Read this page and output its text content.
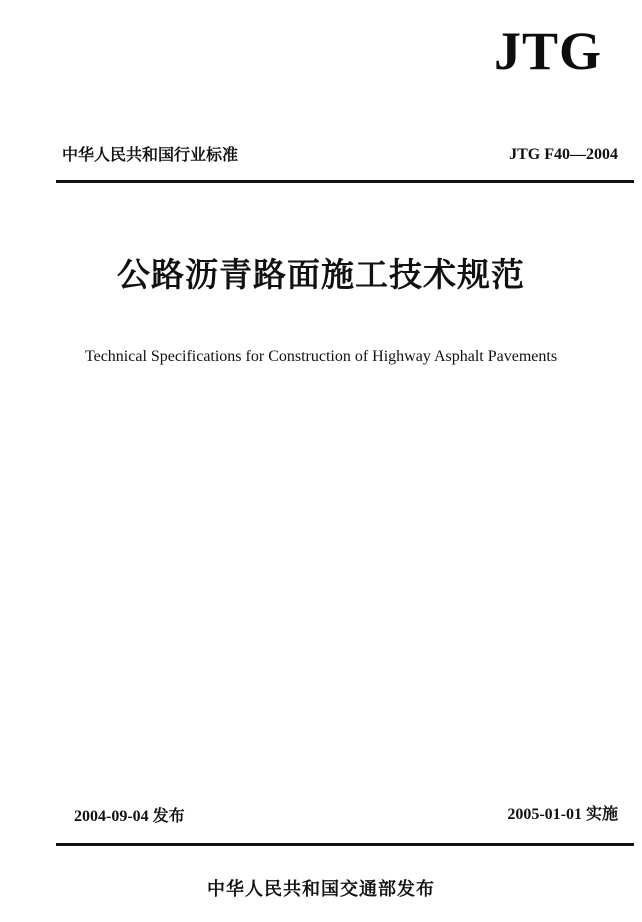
JTG
中华人民共和国行业标准	JTG F40—2004
公路沥青路面施工技术规范
Technical Specifications for Construction of Highway Asphalt Pavements
2004-09-04 发布	2005-01-01 实施
中华人民共和国交通部发布
